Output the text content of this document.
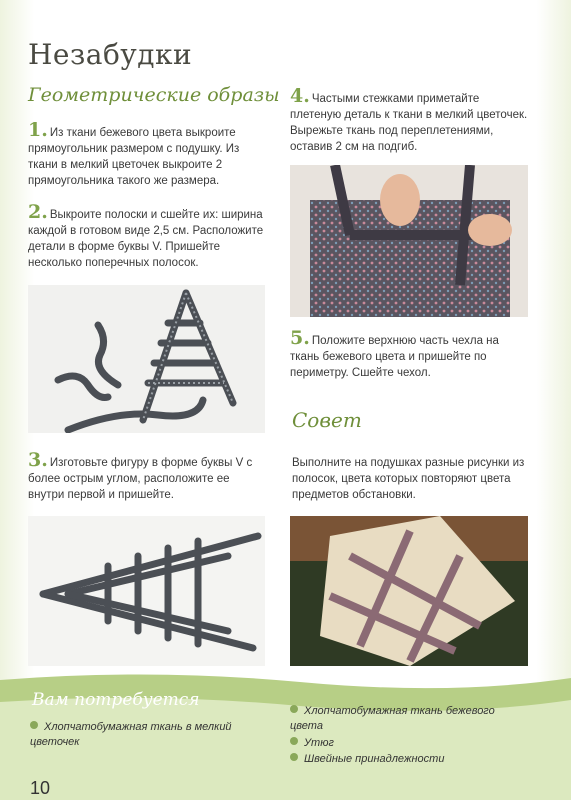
Незабудки
Геометрические образы
1. Из ткани бежевого цвета выкроите прямоугольник размером с подушку. Из ткани в мелкий цветочек выкроите 2 прямоугольника такого же размера.
2. Выкроите полоски и сшейте их: ширина каждой в готовом виде 2,5 см. Расположите детали в форме буквы V. Пришейте несколько поперечных полосок.
3. Изготовьте фигуру в форме буквы V с более острым углом, расположите ее внутри первой и пришейте.
4. Частыми стежками приметайте плетеную деталь к ткани в мелкий цветочек. Вырежьте ткань под переплетениями, оставив 2 см на подгиб.
5. Положите верхнюю часть чехла на ткань бежевого цвета и пришейте по периметру. Сшейте чехол.
Совет
Выполните на подушках разные рисунки из полосок, цвета которых повторяют цвета предметов обстановки.
Вам потребуется
Хлопчатобумажная ткань в мелкий цветочек
Хлопчатобумажная ткань бежевого цвета
Утюг
Швейные принадлежности
10
